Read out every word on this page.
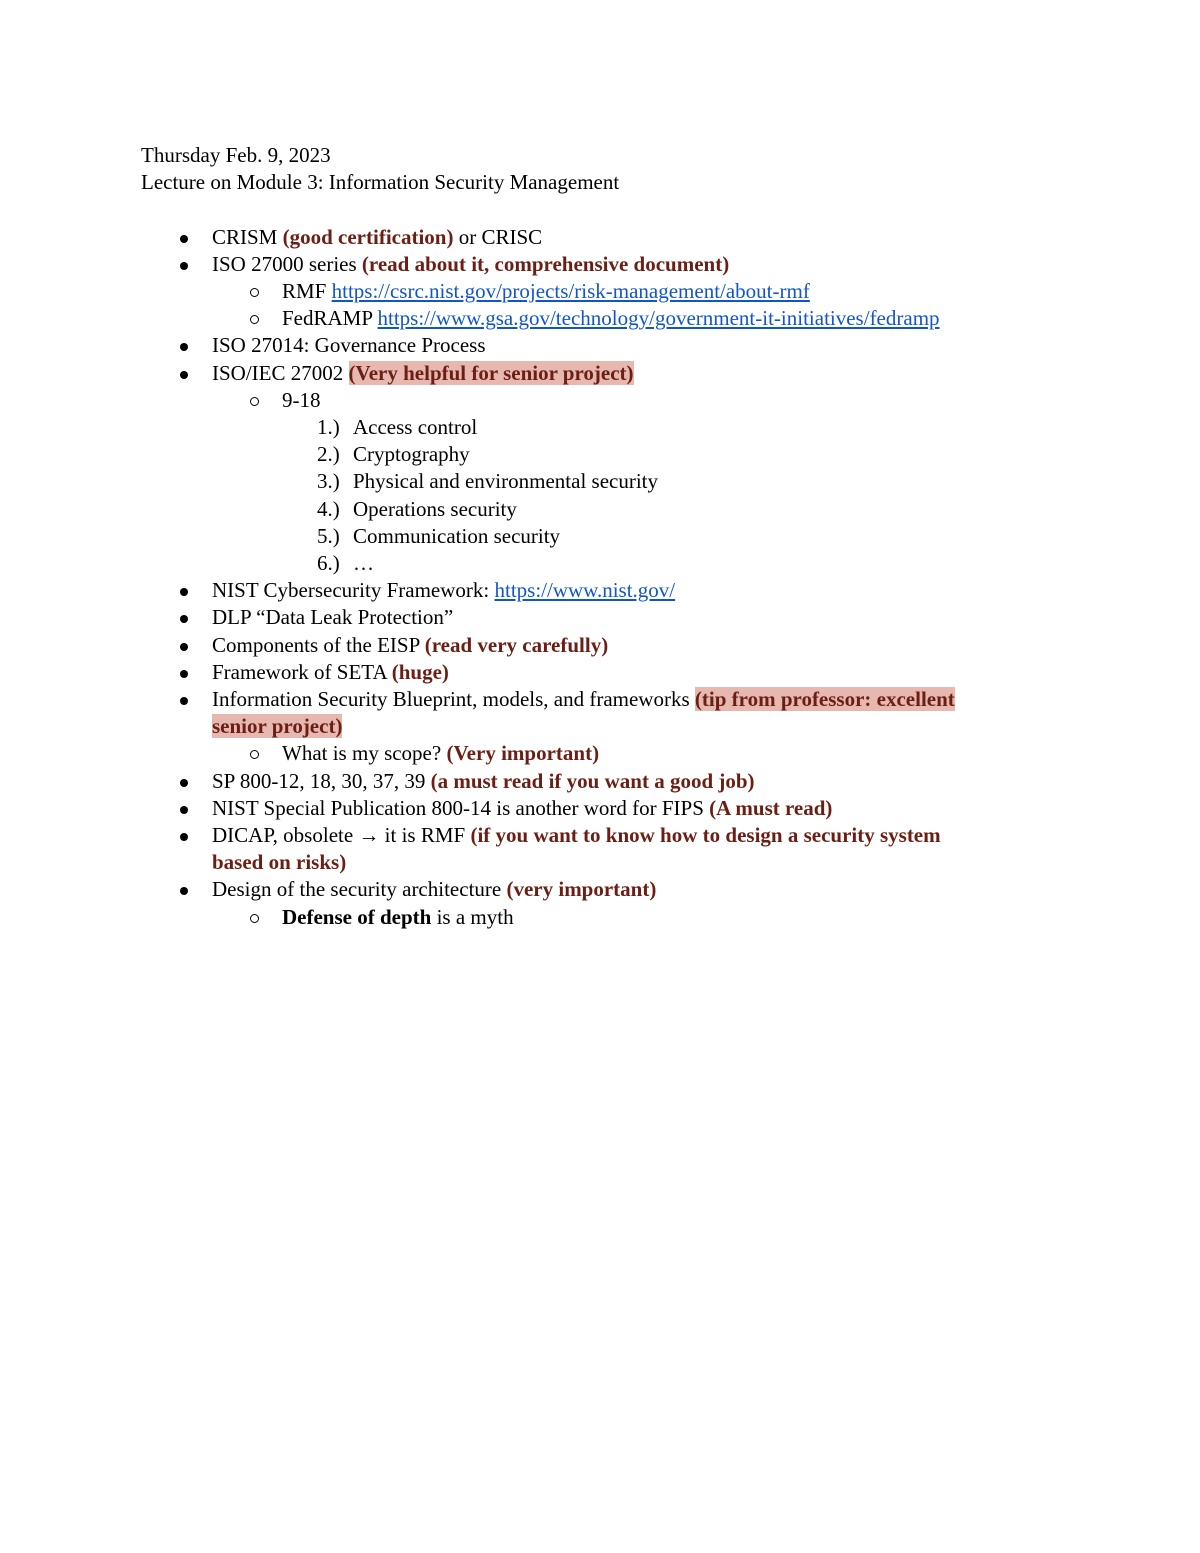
Thursday Feb. 9, 2023

Lecture on Module 3: Information Security Management

CRISM (good certification) or CRISC
ISO 27000 series (read about it, comprehensive document)
RMF https://csrc.nist.gov/projects/risk-management/about-rmf
FedRAMP https://www.gsa.gov/technology/government-it-initiatives/fedramp
ISO 27014: Governance Process
ISO/IEC 27002 (Very helpful for senior project)
9-18
1.) Access control
2.) Cryptography
3.) Physical and environmental security
4.) Operations security
5.) Communication security
6.) …
NIST Cybersecurity Framework: https://www.nist.gov/
DLP “Data Leak Protection”
Components of the EISP (read very carefully)
Framework of SETA (huge)
Information Security Blueprint, models, and frameworks (tip from professor: excellent
senior project)
What is my scope? (Very important)
SP 800-12, 18, 30, 37, 39 (a must read if you want a good job)
NIST Special Publication 800-14 is another word for FIPS (A must read)
DICAP, obsolete → it is RMF (if you want to know how to design a security system
based on risks)
Design of the security architecture (very important)
Defense of depth is a myth
